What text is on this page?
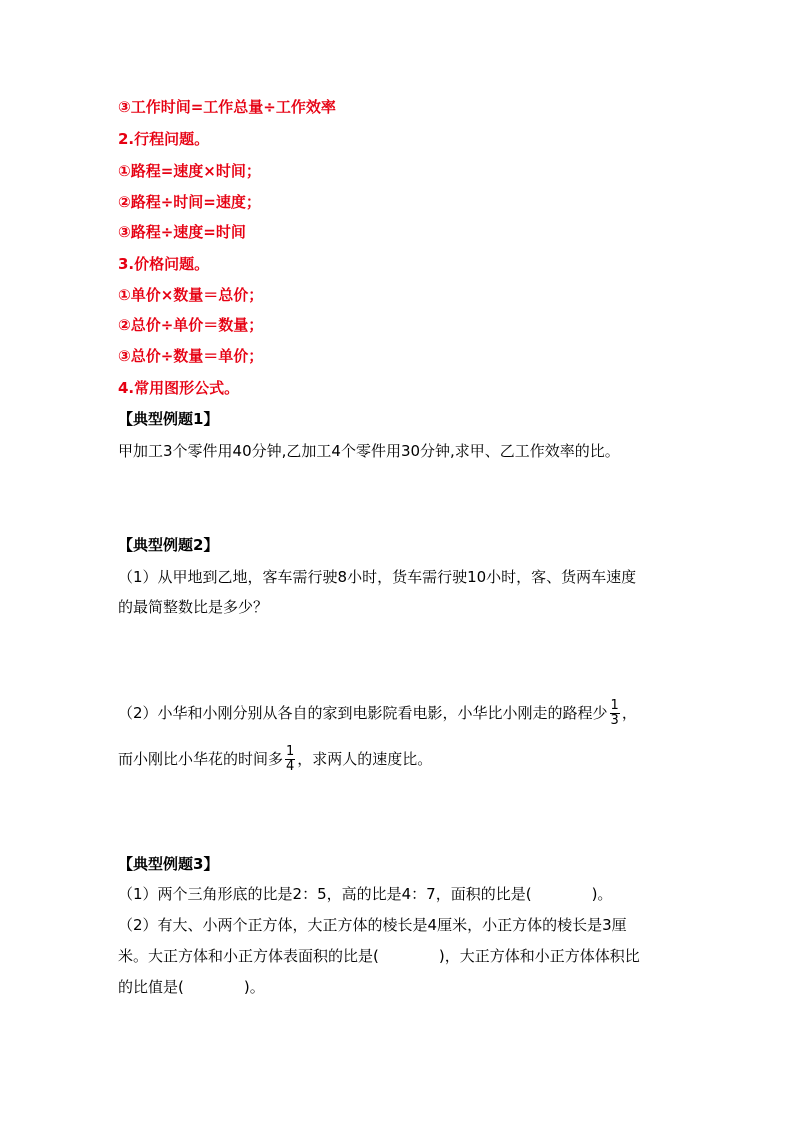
③工作时间=工作总量÷工作效率
2.行程问题。
①路程=速度×时间；
②路程÷时间=速度；
③路程÷速度=时间
3.价格问题。
①单价×数量＝总价；
②总价÷单价＝数量；
③总价÷数量＝单价；
4.常用图形公式。
【典型例题1】
甲加工3个零件用40分钟,乙加工4个零件用30分钟,求甲、乙工作效率的比。
【典型例题2】
（1）从甲地到乙地，客车需行驶8小时，货车需行驶10小时，客、货两车速度
的最简整数比是多少？
（2）小华和小刚分别从各自的家到电影院看电影，小华比小刚走的路程少 $\frac{1}{3}$ ，
而小刚比小华花的时间多 $\frac{1}{4}$ ，求两人的速度比。
【典型例题3】
（1）两个三角形底的比是2：5，高的比是4：7，面积的比是(	)。
（2）有大、小两个正方体，大正方体的棱长是4厘米，小正方体的棱长是3厘
米。大正方体和小正方体表面积的比是(	)，大正方体和小正方体体积比
的比值是(	)。
